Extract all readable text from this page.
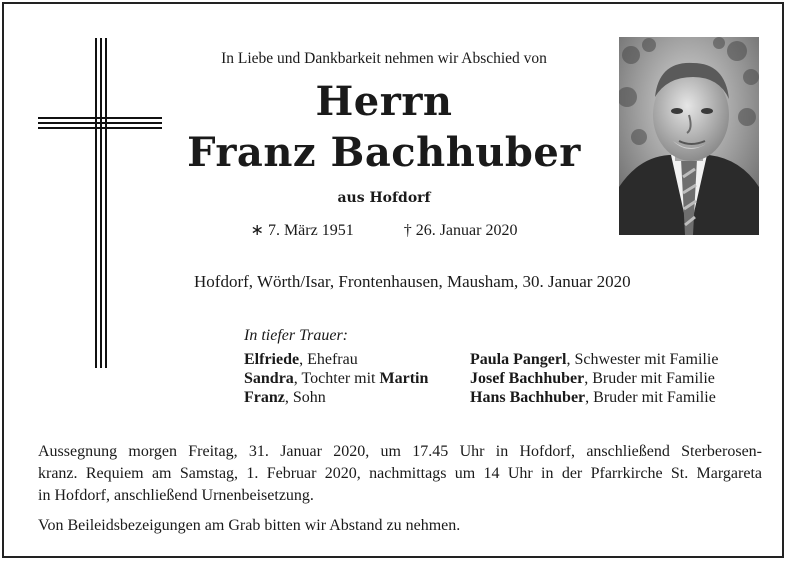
In Liebe und Dankbarkeit nehmen wir Abschied von
Herrn
Franz Bachhuber
aus Hofdorf
∗ 7. März 1951	† 26. Januar 2020
Hofdorf, Wörth/Isar, Frontenhausen, Mausham, 30. Januar 2020
In tiefer Trauer:
Elfriede, Ehefrau
Sandra, Tochter mit Martin
Franz, Sohn
Paula Pangerl, Schwester mit Familie
Josef Bachhuber, Bruder mit Familie
Hans Bachhuber, Bruder mit Familie
Aussegnung morgen Freitag, 31. Januar 2020, um 17.45 Uhr in Hofdorf, anschließend Sterberosen-
kranz. Requiem am Samstag, 1. Februar 2020, nachmittags um 14 Uhr in der Pfarrkirche St. Margareta
in Hofdorf, anschließend Urnenbeisetzung.
Von Beileidsbezeigungen am Grab bitten wir Abstand zu nehmen.
